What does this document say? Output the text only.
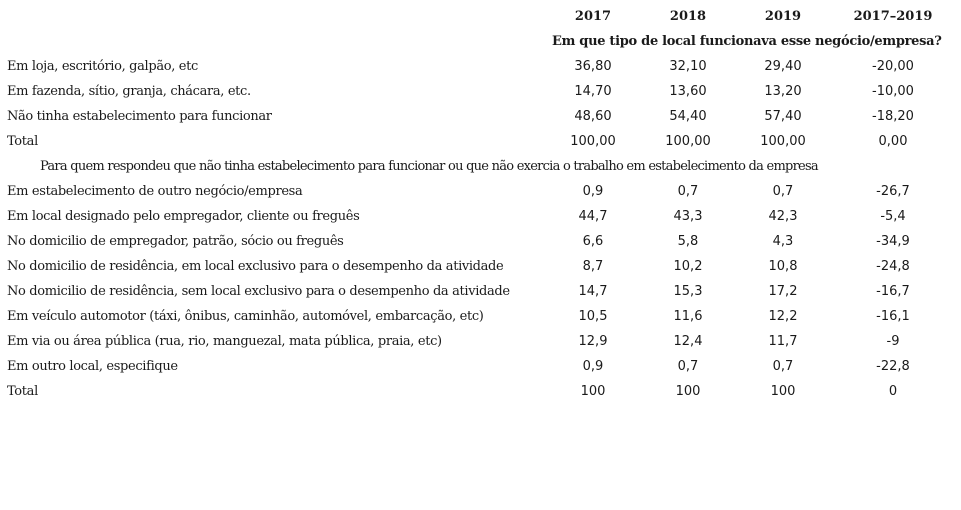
2017	2018	2019	2017–2019
Em que tipo de local funcionava esse negócio/empresa?
Em loja, escritório, galpão, etc	36,80	32,10	29,40	-20,00
Em fazenda, sítio, granja, chácara, etc.	14,70	13,60	13,20	-10,00
Não tinha estabelecimento para funcionar	48,60	54,40	57,40	-18,20
Total	100,00	100,00	100,00	0,00
Para quem respondeu que não tinha estabelecimento para funcionar ou que não exercia o trabalho em estabelecimento da empresa
Em estabelecimento de outro negócio/empresa	0,9	0,7	0,7	-26,7
Em local designado pelo empregador, cliente ou freguês	44,7	43,3	42,3	-5,4
No domicilio de empregador, patrão, sócio ou freguês	6,6	5,8	4,3	-34,9
No domicilio de residência, em local exclusivo para o desempenho da atividade	8,7	10,2	10,8	-24,8
No domicilio de residência, sem local exclusivo para o desempenho da atividade	14,7	15,3	17,2	-16,7
Em veículo automotor (táxi, ônibus, caminhão, automóvel, embarcação, etc)	10,5	11,6	12,2	-16,1
Em via ou área pública (rua, rio, manguezal, mata pública, praia, etc)	12,9	12,4	11,7	-9
Em outro local, especifique	0,9	0,7	0,7	-22,8
Total	100	100	100	0
